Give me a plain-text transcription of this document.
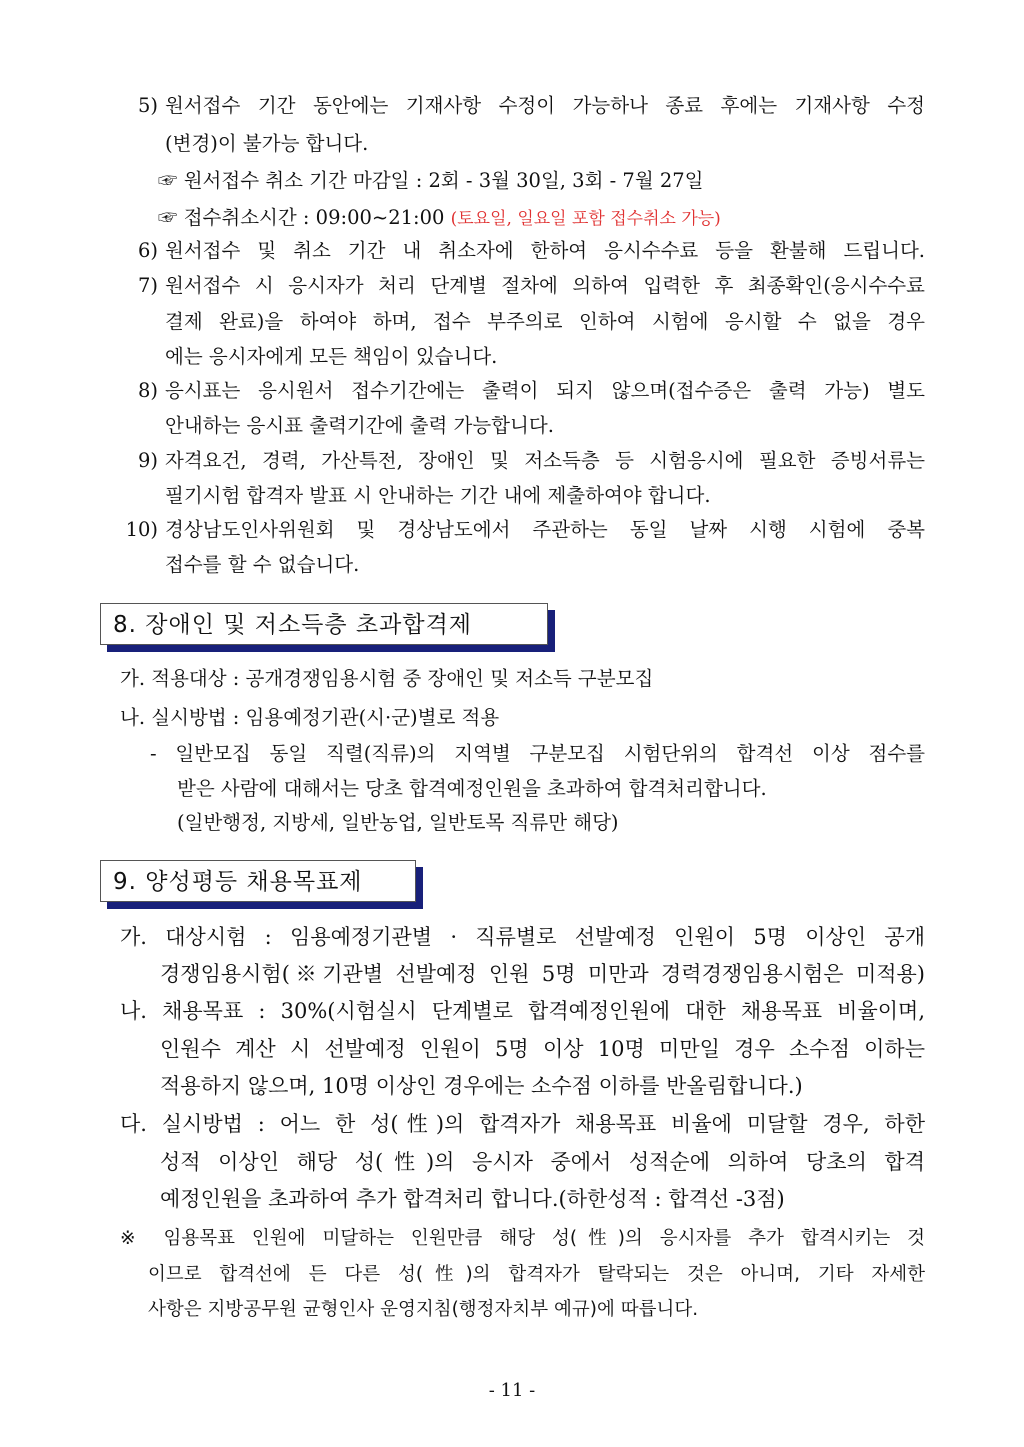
5) 원서접수 기간 동안에는 기재사항 수정이 가능하나 종료 후에는 기재사항 수정
(변경)이 불가능 합니다.
☞ 원서접수 취소 기간 마감일 : 2회 - 3월 30일, 3회 - 7월 27일
☞ 접수취소시간 : 09:00~21:00 (토요일, 일요일 포함 접수취소 가능)
6) 원서접수 및 취소 기간 내 취소자에 한하여 응시수수료 등을 환불해 드립니다.
7) 원서접수 시 응시자가 처리 단계별 절차에 의하여 입력한 후 최종확인(응시수수료
결제 완료)을 하여야 하며, 접수 부주의로 인하여 시험에 응시할 수 없을 경우
에는 응시자에게 모든 책임이 있습니다.
8) 응시표는 응시원서 접수기간에는 출력이 되지 않으며(접수증은 출력 가능) 별도
안내하는 응시표 출력기간에 출력 가능합니다.
9) 자격요건, 경력, 가산특전, 장애인 및 저소득층 등 시험응시에 필요한 증빙서류는
필기시험 합격자 발표 시 안내하는 기간 내에 제출하여야 합니다.
10) 경상남도인사위원회 및 경상남도에서 주관하는 동일 날짜 시행 시험에 중복
접수를 할 수 없습니다.
8. 장애인 및 저소득층 초과합격제
가. 적용대상 : 공개경쟁임용시험 중 장애인 및 저소득 구분모집
나. 실시방법 : 임용예정기관(시·군)별로 적용
- 일반모집 동일 직렬(직류)의 지역별 구분모집 시험단위의 합격선 이상 점수를
받은 사람에 대해서는 당초 합격예정인원을 초과하여 합격처리합니다.
(일반행정, 지방세, 일반농업, 일반토목 직류만 해당)
9. 양성평등 채용목표제
가. 대상시험 : 임용예정기관별 · 직류별로 선발예정 인원이 5명 이상인 공개
경쟁임용시험(※기관별 선발예정 인원 5명 미만과 경력경쟁임용시험은 미적용)
나. 채용목표 : 30%(시험실시 단계별로 합격예정인원에 대한 채용목표 비율이며,
인원수 계산 시 선발예정 인원이 5명 이상 10명 미만일 경우 소수점 이하는
적용하지 않으며, 10명 이상인 경우에는 소수점 이하를 반올림합니다.)
다. 실시방법 : 어느 한 성(性)의 합격자가 채용목표 비율에 미달할 경우, 하한
성적 이상인 해당 성(性)의 응시자 중에서 성적순에 의하여 당초의 합격
예정인원을 초과하여 추가 합격처리 합니다.(하한성적 : 합격선 -3점)
※ 임용목표 인원에 미달하는 인원만큼 해당 성(性)의 응시자를 추가 합격시키는 것
이므로 합격선에 든 다른 성(性)의 합격자가 탈락되는 것은 아니며, 기타 자세한
사항은 지방공무원 균형인사 운영지침(행정자치부 예규)에 따릅니다.
- 11 -
